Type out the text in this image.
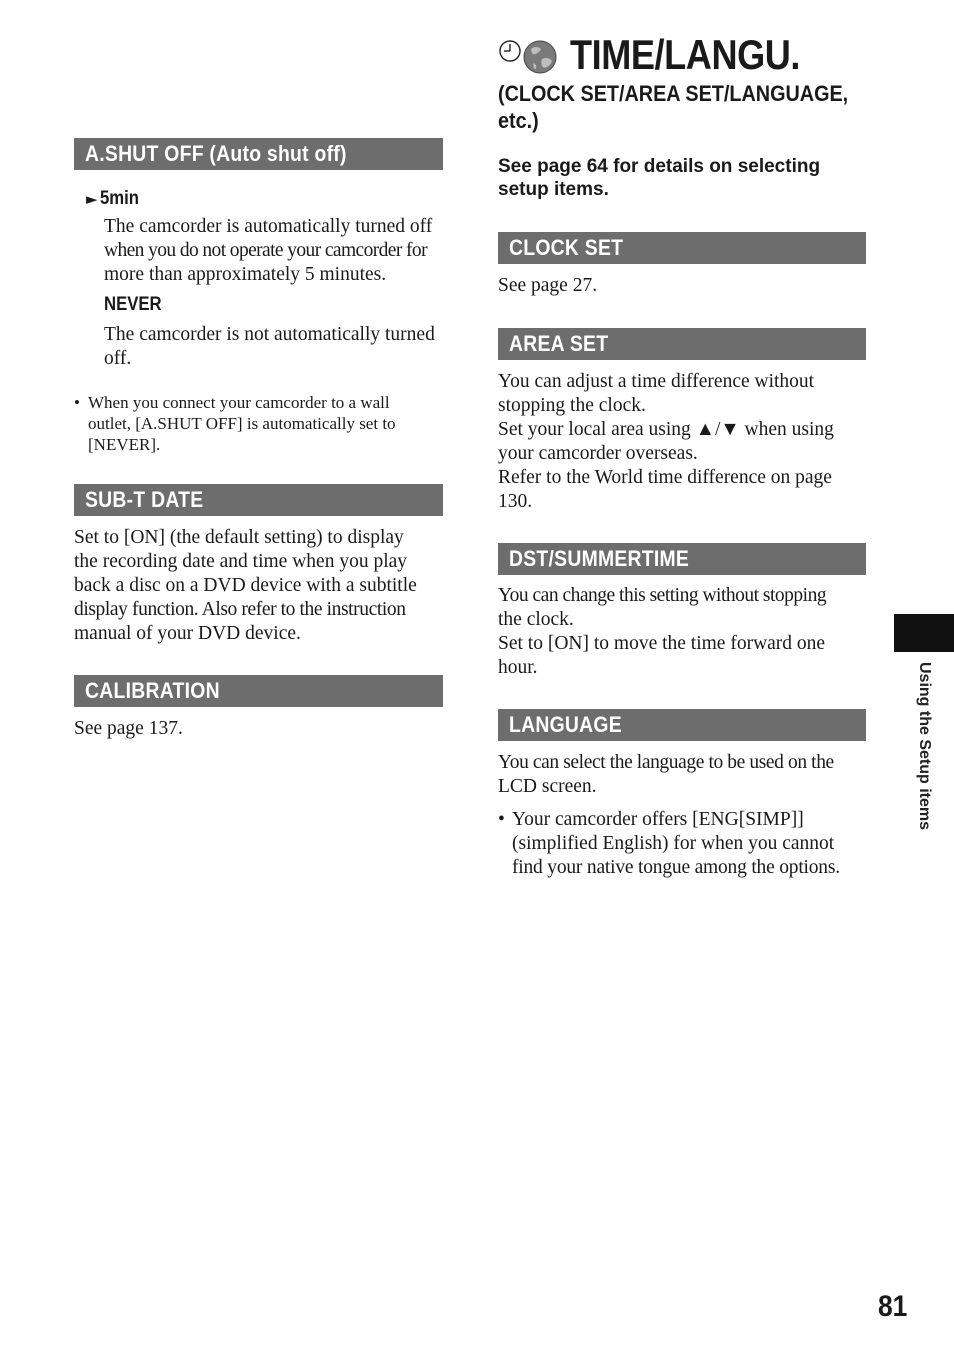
A.SHUT OFF (Auto shut off)
► 5min
The camcorder is automatically turned off
when you do not operate your camcorder for
more than approximately 5 minutes.
NEVER
The camcorder is not automatically turned
off.
• When you connect your camcorder to a wall
outlet, [A.SHUT OFF] is automatically set to
[NEVER].
SUB-T DATE
Set to [ON] (the default setting) to display
the recording date and time when you play
back a disc on a DVD device with a subtitle
display function. Also refer to the instruction
manual of your DVD device.
CALIBRATION
See page 137.
TIME/LANGU.
(CLOCK SET/AREA SET/LANGUAGE,
etc.)
See page 64 for details on selecting
setup items.
CLOCK SET
See page 27.
AREA SET
You can adjust a time difference without
stopping the clock.
Set your local area using ▲/▼ when using
your camcorder overseas.
Refer to the World time difference on page
130.
DST/SUMMERTIME
You can change this setting without stopping
the clock.
Set to [ON] to move the time forward one
hour.
LANGUAGE
You can select the language to be used on the
LCD screen.
• Your camcorder offers [ENG[SIMP]]
(simplified English) for when you cannot
find your native tongue among the options.
Using the Setup items
81
